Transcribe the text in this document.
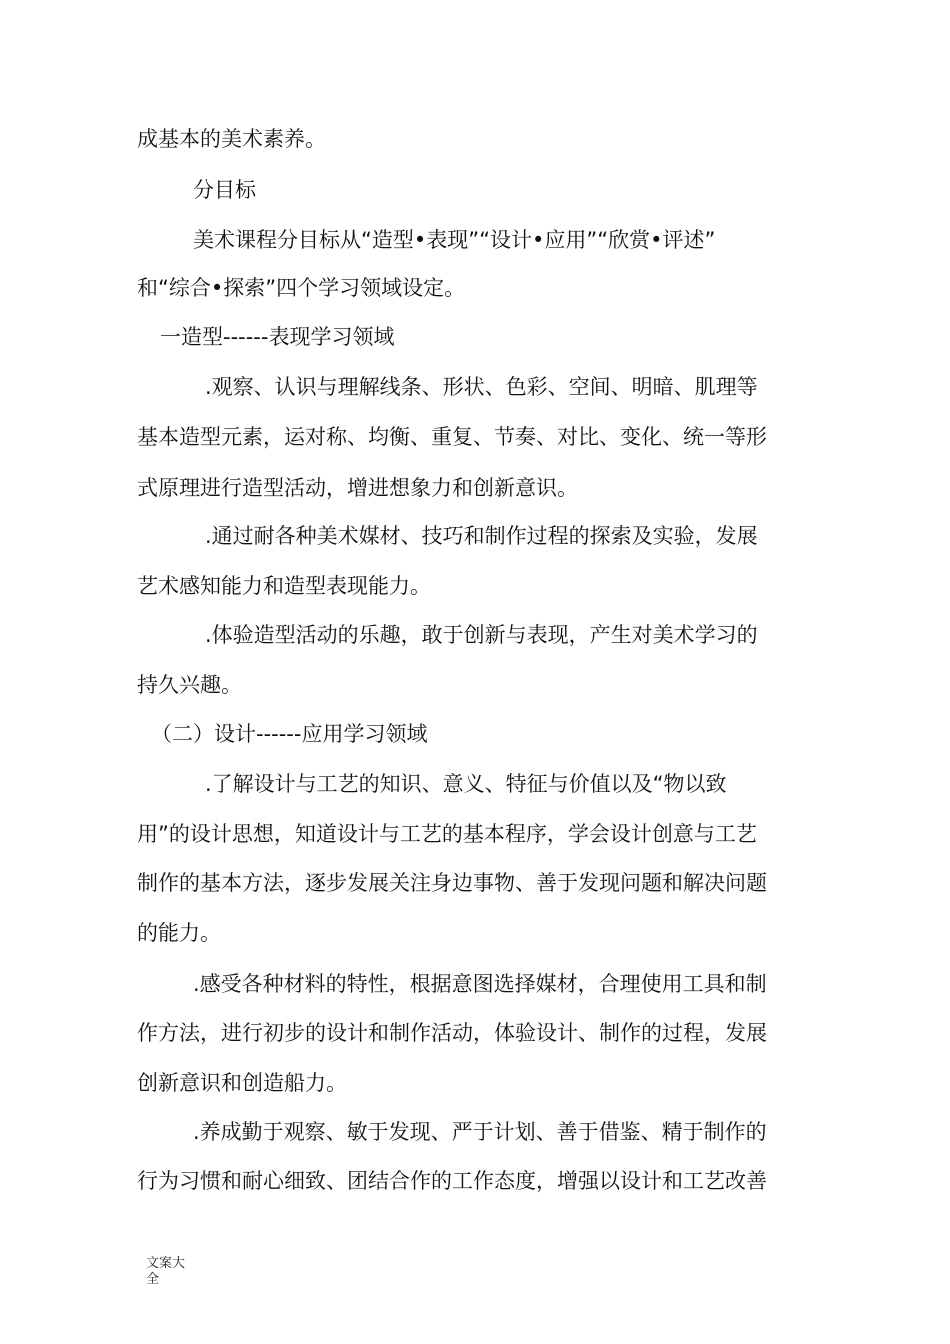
成基本的美术素养。

分目标

美术课程分目标从“造型•表现”“设计•应用”“欣赏•评述”

和“综合•探索”四个学习领域设定。

一造型------表现学习领域

.观察、认识与理解线条、形状、色彩、空间、明暗、肌理等

基本造型元素，运对称、均衡、重复、节奏、对比、变化、统一等形

式原理进行造型活动，增进想象力和创新意识。

.通过耐各种美术媒材、技巧和制作过程的探索及实验，发展

艺术感知能力和造型表现能力。

.体验造型活动的乐趣，敢于创新与表现，产生对美术学习的

持久兴趣。

（二）设计------应用学习领域

.了解设计与工艺的知识、意义、特征与价值以及“物以致

用”的设计思想，知道设计与工艺的基本程序，学会设计创意与工艺

制作的基本方法，逐步发展关注身边事物、善于发现问题和解决问题

的能力。

.感受各种材料的特性，根据意图选择媒材，合理使用工具和制

作方法，进行初步的设计和制作活动，体验设计、制作的过程，发展

创新意识和创造船力。

.养成勤于观察、敏于发现、严于计划、善于借鉴、精于制作的

行为习惯和耐心细致、团结合作的工作态度，增强以设计和工艺改善

文案大
全
